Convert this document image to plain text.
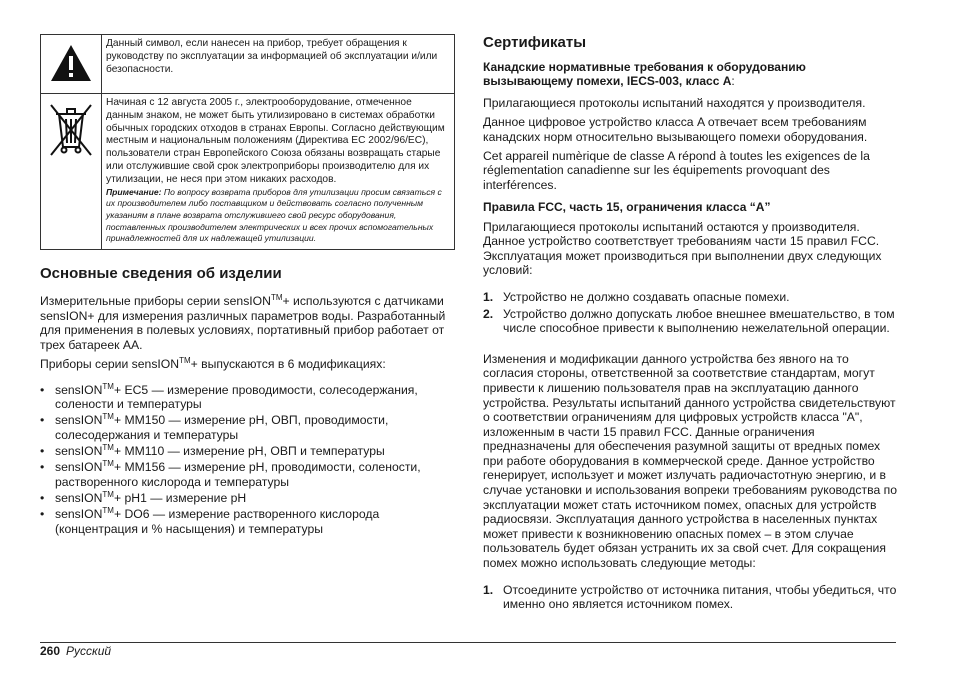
	Данный символ, если нанесен на прибор, требует обращения к руководству по эксплуатации за информацией об эксплуатации и/или безопасности.

Начиная с 12 августа 2005 г., электрооборудование, отмеченное данным знаком, не может быть утилизировано в системах обработки обычных городских отходов в странах Европы. Согласно действующим местным и национальным положениям (Директива ЕС 2002/96/EC), пользователи стран Европейского Союза обязаны возвращать старые или отслужившие свой срок электроприборы производителю для их утилизации, не неся при этом никаких расходов.
Примечание: По вопросу возврата приборов для утилизации просим связаться с их производителем либо поставщиком и действовать согласно полученным указаниям в плане возврата отслужившего свой ресурс оборудования, поставленных производителем электрических и всех прочих вспомогательных принадлежностей для их надлежащей утилизации.
Основные сведения об изделии

Измерительные приборы серии sensION™+ используются с датчиками sensION+ для измерения различных параметров воды. Разработанный для применения в полевых условиях, портативный прибор работает от трех батареек AA.

Приборы серии sensION™+ выпускаются в 6 модификациях:

• sensION™+ EC5 — измерение проводимости, солесодержания, солености и температуры
• sensION™+ MM150 — измерение pH, ОВП, проводимости, солесодержания и температуры
• sensION™+ MM110 — измерение pH, ОВП и температуры
• sensION™+ MM156 — измерение pH, проводимости, солености, растворенного кислорода и температуры
• sensION™+ pH1 — измерение pH
• sensION™+ DO6 — измерение растворенного кислорода (концентрация и % насыщения) и температуры
Сертификаты
Канадские нормативные требования к оборудованию вызывающему помехи, IECS-003, класс A:

Прилагающиеся протоколы испытаний находятся у производителя.

Данное цифровое устройство класса A отвечает всем требованиям канадских норм относительно вызывающего помехи оборудования.

Cet appareil numèrique de classe A répond à toutes les exigences de la réglementation canadienne sur les équipements provoquant des interférences.

Правила FCC, часть 15, ограничения класса “A”

Прилагающиеся протоколы испытаний остаются у производителя. Данное устройство соответствует требованиям части 15 правил FCC. Эксплуатация может производиться при выполнении двух следующих условий:

1. Устройство не должно создавать опасные помехи.
2. Устройство должно допускать любое внешнее вмешательство, в том числе способное привести к выполнению нежелательной операции.

Изменения и модификации данного устройства без явного на то согласия стороны, ответственной за соответствие стандартам, могут привести к лишению пользователя прав на эксплуатацию данного устройства. Результаты испытаний данного устройства свидетельствуют о соответствии ограничениям для цифровых устройств класса "A", изложенным в части 15 правил FCC. Данные ограничения предназначены для обеспечения разумной защиты от вредных помех при работе оборудования в коммерческой среде. Данное устройство генерирует, использует и может излучать радиочастотную энергию, и в случае установки и использования вопреки требованиям руководства по эксплуатации может стать источником помех, опасных для устройств радиосвязи. Эксплуатация данного устройства в населенных пунктах может привести к возникновению опасных помех – в этом случае пользователь будет обязан устранить их за свой счет. Для сокращения помех можно использовать следующие методы:

1. Отсоедините устройство от источника питания, чтобы убедиться, что именно оно является источником помех.
260 Русский
